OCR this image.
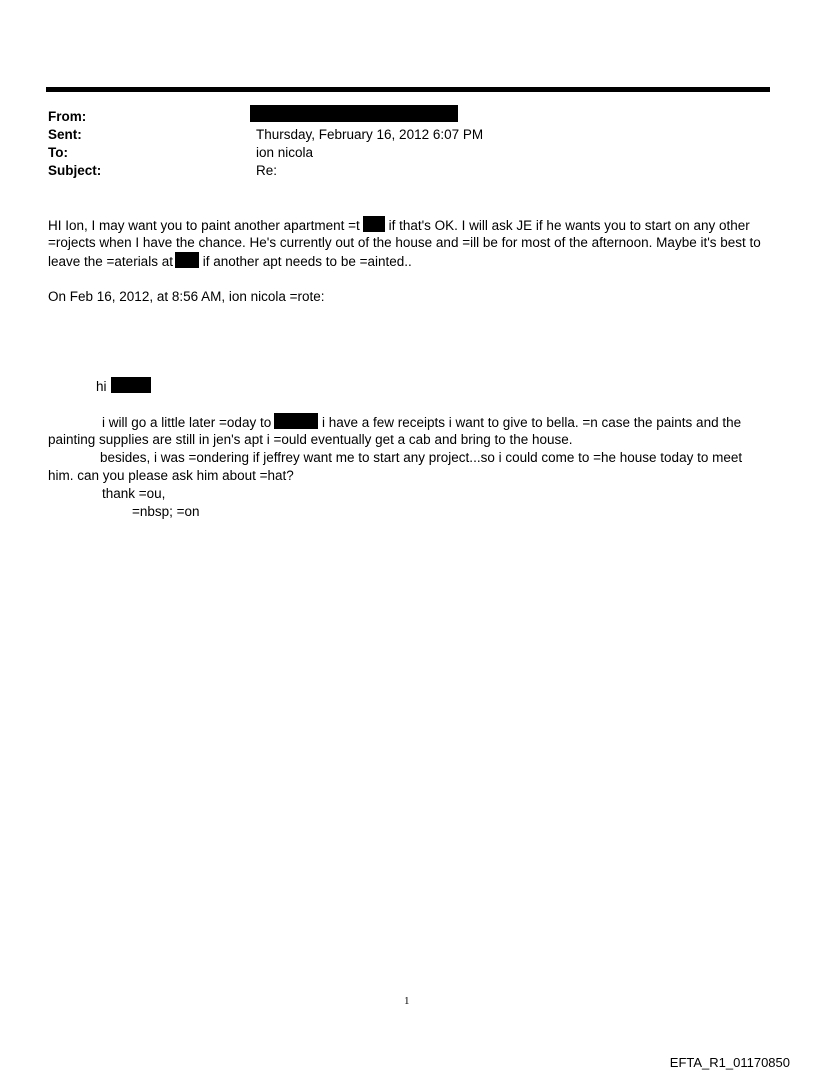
From:
Sent:	Thursday, February 16, 2012 6:07 PM
To:	ion nicola
Subject:	Re:
HI Ion, I may want you to paint another apartment =t if that's OK. I will ask JE if he wants you to start on any other
=rojects when I have the chance. He's currently out of the house and =ill be for most of the afternoon. Maybe it's best to
leave the =aterials at if another apt needs to be =ainted..
On Feb 16, 2012, at 8:56 AM, ion nicola =rote:
hi
i will go a little later =oday to	i have a few receipts i want to give to bella. =n case the paints and the
painting supplies are still in jen's apt i =ould eventually get a cab and bring to the house.
besides, i was =ondering if jeffrey want me to start any project...so i could come to =he house today to meet
him. can you please ask him about =hat?
thank =ou,
=nbsp; =on
1
EFTA_R1_01170850
